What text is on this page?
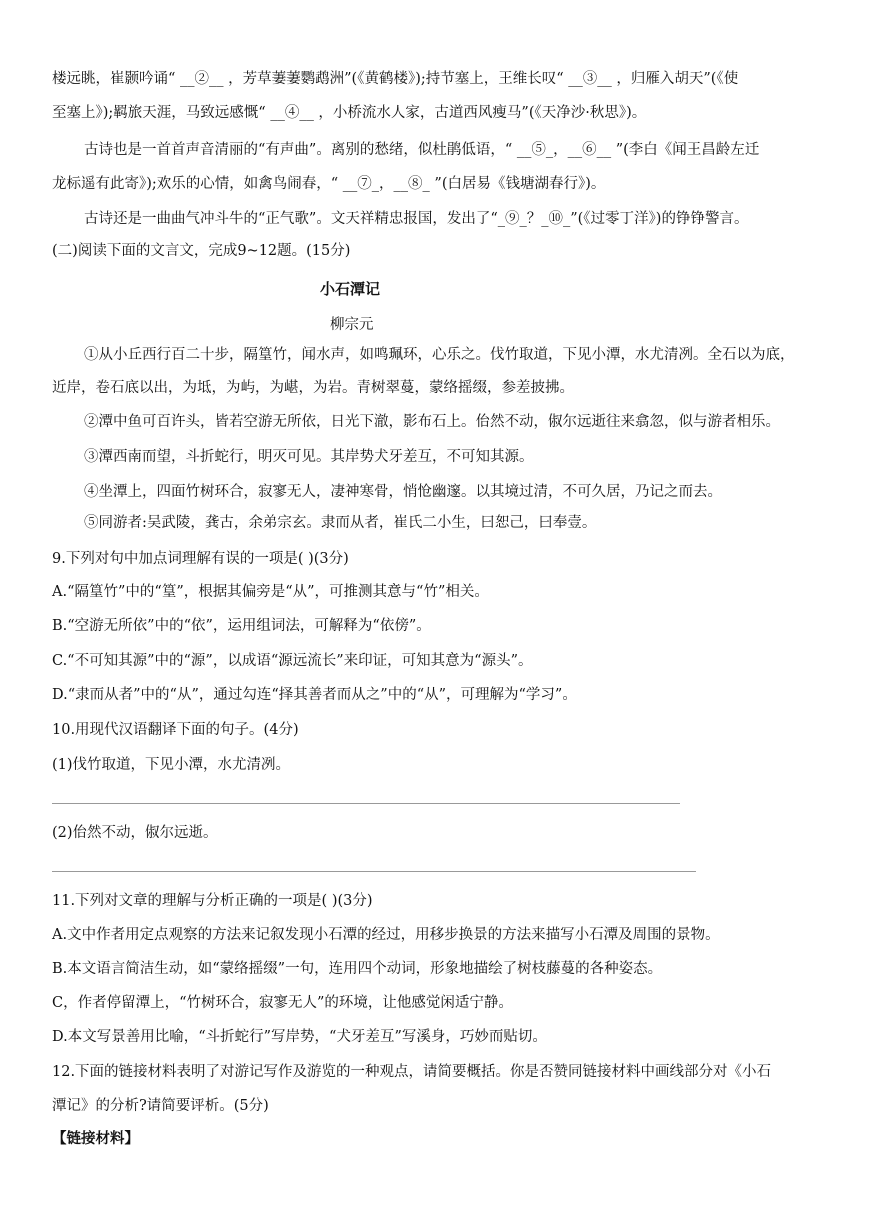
楼远眺，崔颢吟诵“ __②__ ，芳草萋萋鹦鹉洲”(《黄鹤楼》);持节塞上，王维长叹“ __③__ ，归雁入胡天”(《使
至塞上》);羁旅天涯，马致远感慨“ __④__ ，小桥流水人家，古道西风瘦马”(《天净沙·秋思》)。
古诗也是一首首声音清丽的“有声曲”。离别的愁绪，似杜鹃低语，“ __⑤_，__⑥__ ”(李白《闻王昌龄左迁
龙标遥有此寄》);欢乐的心情，如禽鸟闹春，“ __⑦_，__⑧_ ”(白居易《钱塘湖春行》)。
古诗还是一曲曲气冲斗牛的“正气歌”。文天祥精忠报国，发出了“_⑨_？_⑩_”(《过零丁洋》)的铮铮警言。
(二)阅读下面的文言文，完成9~12题。(15分)
小石潭记
柳宗元
①从小丘西行百二十步，隔篁竹，闻水声，如鸣珮环，心乐之。伐竹取道，下见小潭，水尤清冽。全石以为底，
近岸，卷石底以出，为坻，为屿，为嵁，为岩。青树翠蔓，蒙络摇缀，参差披拂。
②潭中鱼可百许头，皆若空游无所依，日光下澈，影布石上。佁然不动，俶尔远逝往来翕忽，似与游者相乐。
③潭西南而望，斗折蛇行，明灭可见。其岸势犬牙差互，不可知其源。
④坐潭上，四面竹树环合，寂寥无人，凄神寒骨，悄怆幽邃。以其境过清，不可久居，乃记之而去。
⑤同游者:吴武陵，龚古，余弟宗玄。隶而从者，崔氏二小生，曰恕己，曰奉壹。
9.下列对句中加点词理解有误的一项是( )(3分)
A.“隔篁竹”中的“篁”，根据其偏旁是“从”，可推测其意与“竹”相关。
B.“空游无所依”中的“依”，运用组词法，可解释为“依傍”。
C.“不可知其源”中的“源”，以成语“源远流长”来印证，可知其意为“源头”。
D.“隶而从者”中的“从”，通过勾连“择其善者而从之”中的“从”，可理解为“学习”。
10.用现代汉语翻译下面的句子。(4分)
(1)伐竹取道，下见小潭，水尤清冽。
(2)佁然不动，俶尔远逝。
11.下列对文章的理解与分析正确的一项是( )(3分)
A.文中作者用定点观察的方法来记叙发现小石潭的经过，用移步换景的方法来描写小石潭及周围的景物。
B.本文语言简洁生动，如“蒙络摇缀”一句，连用四个动词，形象地描绘了树枝藤蔓的各种姿态。
C，作者停留潭上，“竹树环合，寂寥无人”的环境，让他感觉闲适宁静。
D.本文写景善用比喻，“斗折蛇行”写岸势，“犬牙差互”写溪身，巧妙而贴切。
12.下面的链接材料表明了对游记写作及游览的一种观点，请简要概括。你是否赞同链接材料中画线部分对《小石
潭记》的分析?请简要评析。(5分)
【链接材料】
